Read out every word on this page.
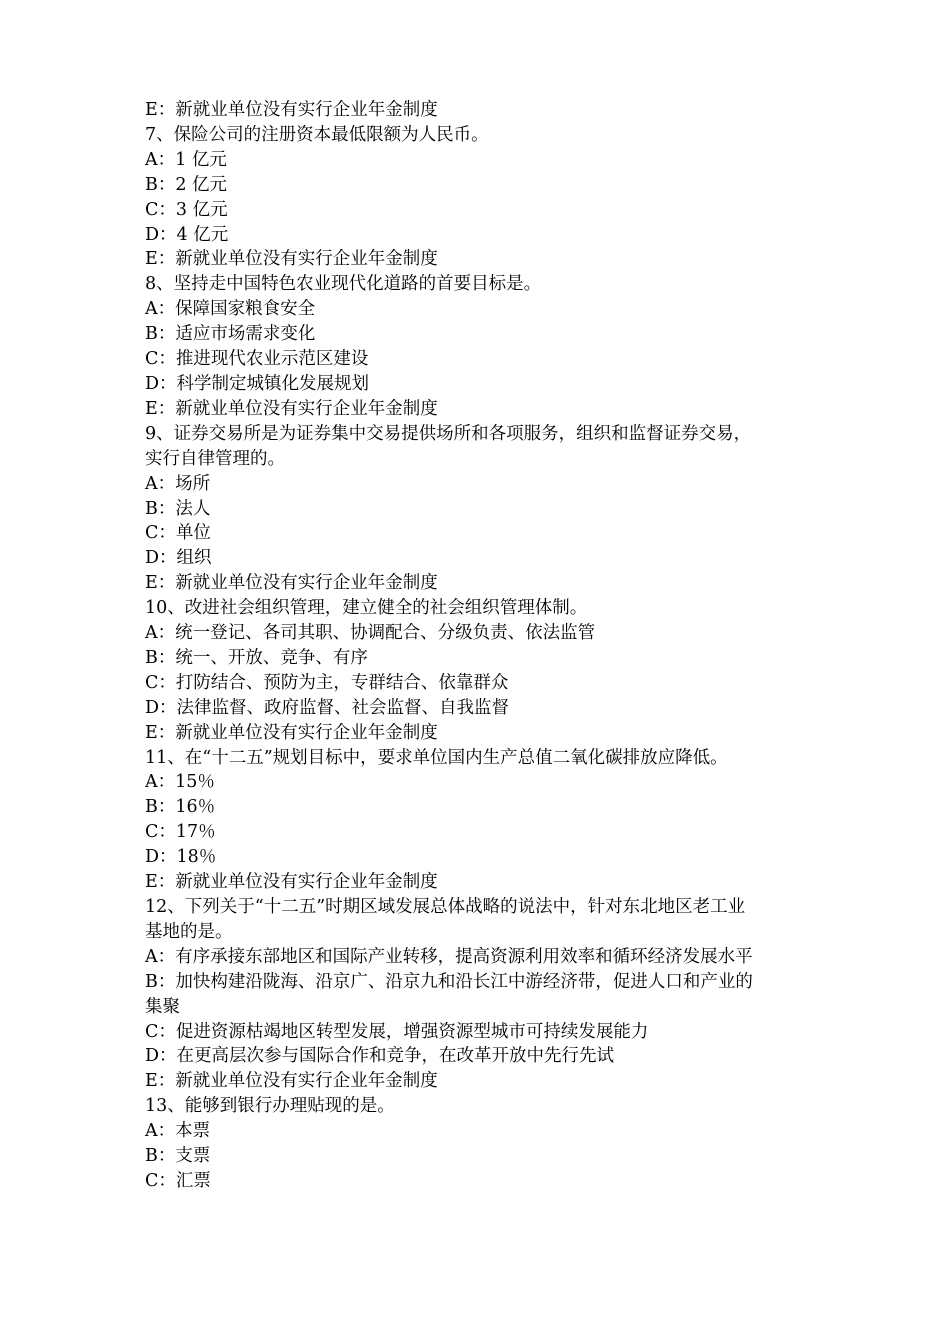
E：新就业单位没有实行企业年金制度
7、保险公司的注册资本最低限额为人民币。
A：1 亿元
B：2 亿元
C：3 亿元
D：4 亿元
E：新就业单位没有实行企业年金制度
8、坚持走中国特色农业现代化道路的首要目标是。
A：保障国家粮食安全
B：适应市场需求变化
C：推进现代农业示范区建设
D：科学制定城镇化发展规划
E：新就业单位没有实行企业年金制度
9、证券交易所是为证券集中交易提供场所和各项服务，组织和监督证券交易，
实行自律管理的。
A：场所
B：法人
C：单位
D：组织
E：新就业单位没有实行企业年金制度
10、改进社会组织管理，建立健全的社会组织管理体制。
A：统一登记、各司其职、协调配合、分级负责、依法监管
B：统一、开放、竞争、有序
C：打防结合、预防为主，专群结合、依靠群众
D：法律监督、政府监督、社会监督、自我监督
E：新就业单位没有实行企业年金制度
11、在“十二五”规划目标中，要求单位国内生产总值二氧化碳排放应降低。
A：15％
B：16％
C：17％
D：18％
E：新就业单位没有实行企业年金制度
12、下列关于“十二五”时期区域发展总体战略的说法中，针对东北地区老工业
基地的是。
A：有序承接东部地区和国际产业转移，提高资源利用效率和循环经济发展水平
B：加快构建沿陇海、沿京广、沿京九和沿长江中游经济带，促进人口和产业的
集聚
C：促进资源枯竭地区转型发展，增强资源型城市可持续发展能力
D：在更高层次参与国际合作和竞争，在改革开放中先行先试
E：新就业单位没有实行企业年金制度
13、能够到银行办理贴现的是。
A：本票
B：支票
C：汇票
